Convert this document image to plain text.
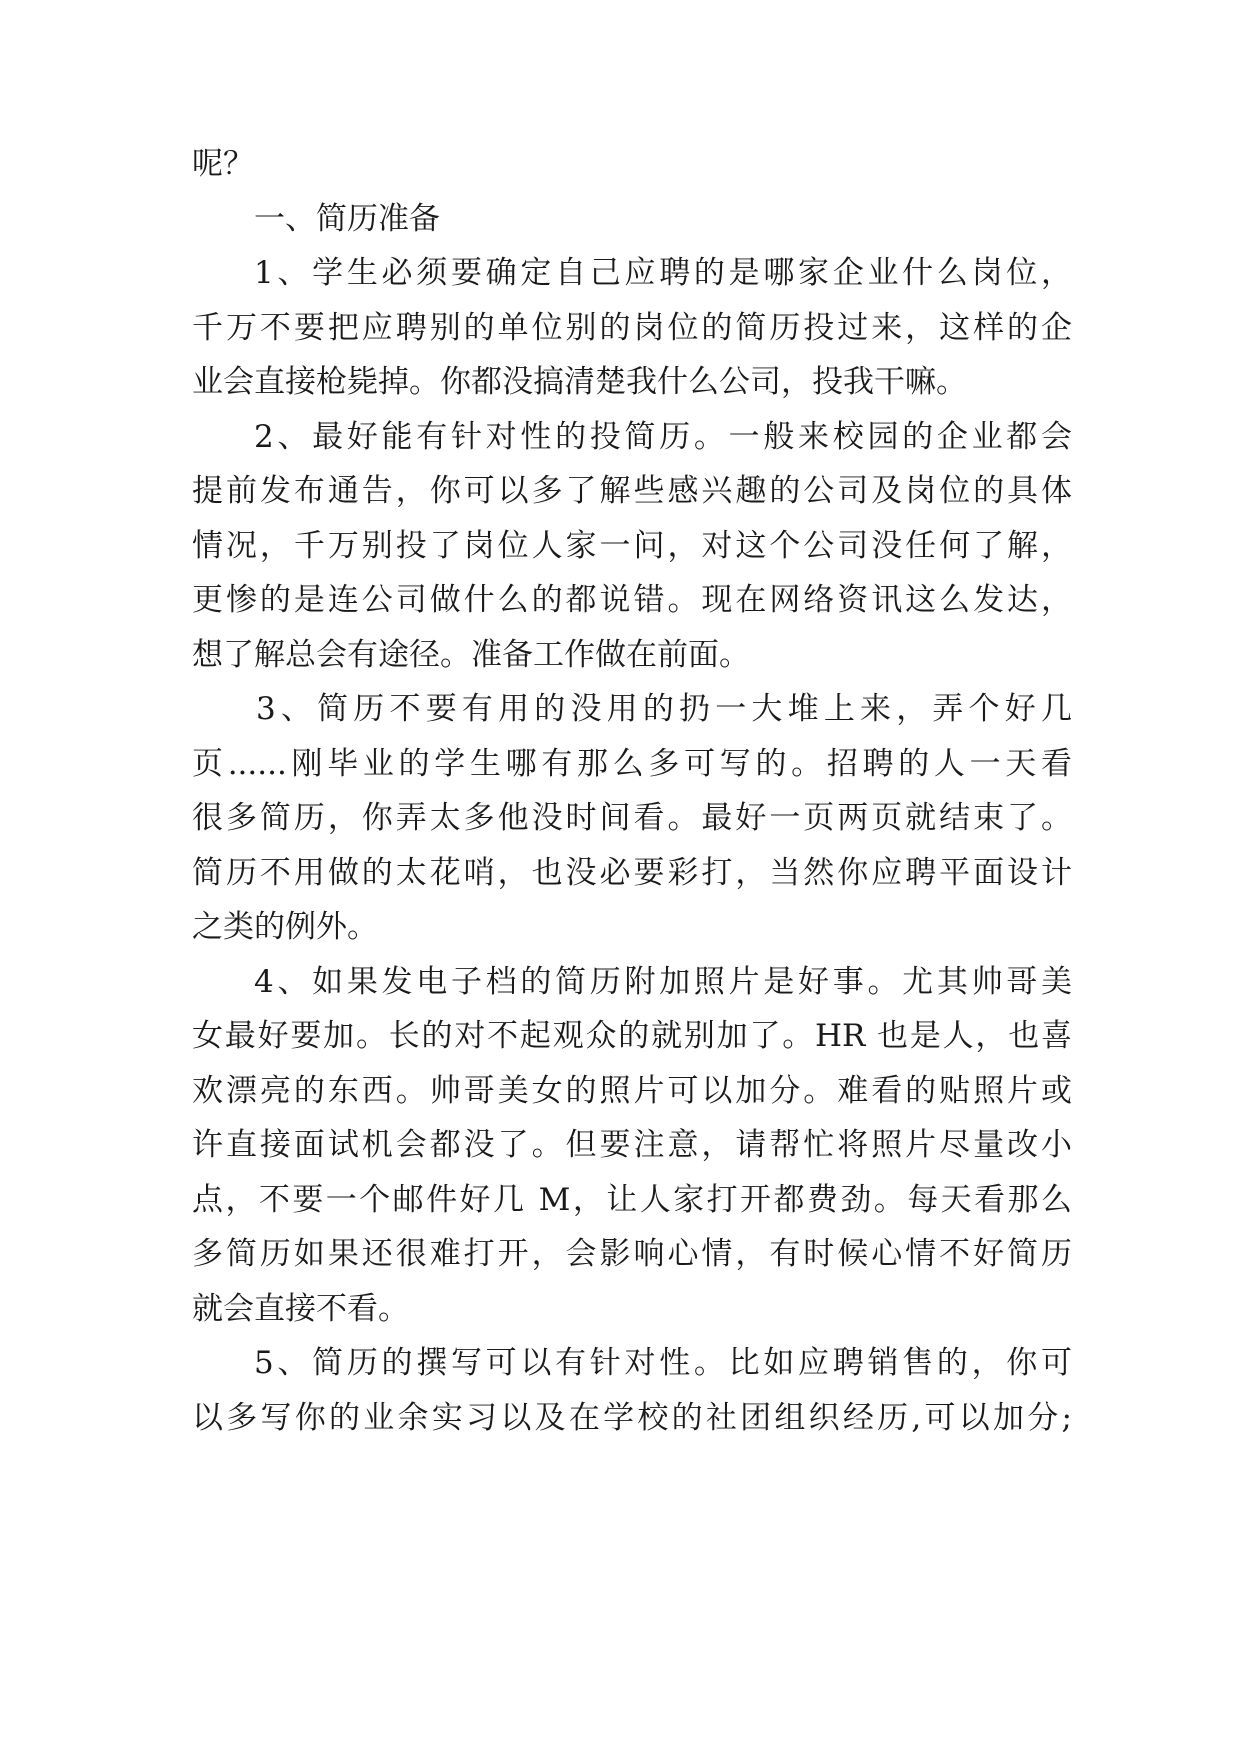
呢？

一、简历准备

1、学生必须要确定自己应聘的是哪家企业什么岗位，

千万不要把应聘别的单位别的岗位的简历投过来，这样的企

业会直接枪毙掉。你都没搞清楚我什么公司，投我干嘛。

2、最好能有针对性的投简历。一般来校园的企业都会

提前发布通告，你可以多了解些感兴趣的公司及岗位的具体

情况，千万别投了岗位人家一问，对这个公司没任何了解，

更惨的是连公司做什么的都说错。现在网络资讯这么发达，

想了解总会有途径。准备工作做在前面。

3、简历不要有用的没用的扔一大堆上来，弄个好几

页......刚毕业的学生哪有那么多可写的。招聘的人一天看

很多简历，你弄太多他没时间看。最好一页两页就结束了。

简历不用做的太花哨，也没必要彩打，当然你应聘平面设计

之类的例外。

4、如果发电子档的简历附加照片是好事。尤其帅哥美

女最好要加。长的对不起观众的就别加了。HR 也是人，也喜

欢漂亮的东西。帅哥美女的照片可以加分。难看的贴照片或

许直接面试机会都没了。但要注意，请帮忙将照片尽量改小

点，不要一个邮件好几 M，让人家打开都费劲。每天看那么

多简历如果还很难打开，会影响心情，有时候心情不好简历

就会直接不看。

5、简历的撰写可以有针对性。比如应聘销售的，你可

以多写你的业余实习以及在学校的社团组织经历,可以加分;
